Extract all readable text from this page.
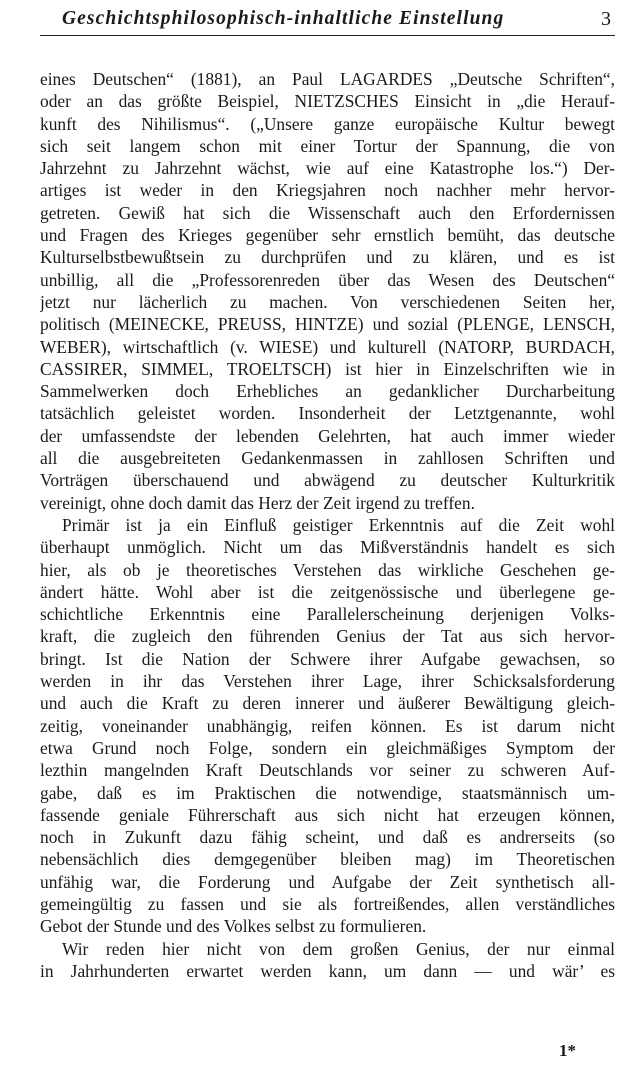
Geschichtsphilosophisch-inhaltliche Einstellung	3
eines Deutschen“ (1881), an Paul LAGARDES „Deutsche Schriften“,
oder an das größte Beispiel, NIETZSCHES Einsicht in „die Herauf-
kunft des Nihilismus“. („Unsere ganze europäische Kultur bewegt
sich seit langem schon mit einer Tortur der Spannung, die von
Jahrzehnt zu Jahrzehnt wächst, wie auf eine Katastrophe los.“) Der-
artiges ist weder in den Kriegsjahren noch nachher mehr hervor-
getreten. Gewiß hat sich die Wissenschaft auch den Erfordernissen
und Fragen des Krieges gegenüber sehr ernstlich bemüht, das deutsche
Kulturselbstbewußtsein zu durchprüfen und zu klären, und es ist
unbillig, all die „Professorenreden über das Wesen des Deutschen“
jetzt nur lächerlich zu machen. Von verschiedenen Seiten her,
politisch (MEINECKE, PREUSS, HINTZE) und sozial (PLENGE, LENSCH,
WEBER), wirtschaftlich (v. WIESE) und kulturell (NATORP, BURDACH,
CASSIRER, SIMMEL, TROELTSCH) ist hier in Einzelschriften wie in
Sammelwerken doch Erhebliches an gedanklicher Durcharbeitung
tatsächlich geleistet worden. Insonderheit der Letztgenannte, wohl
der umfassendste der lebenden Gelehrten, hat auch immer wieder
all die ausgebreiteten Gedankenmassen in zahllosen Schriften und
Vorträgen überschauend und abwägend zu deutscher Kulturkritik
vereinigt, ohne doch damit das Herz der Zeit irgend zu treffen.
Primär ist ja ein Einfluß geistiger Erkenntnis auf die Zeit wohl
überhaupt unmöglich. Nicht um das Mißverständnis handelt es sich
hier, als ob je theoretisches Verstehen das wirkliche Geschehen ge-
ändert hätte. Wohl aber ist die zeitgenössische und überlegene ge-
schichtliche Erkenntnis eine Parallelerscheinung derjenigen Volks-
kraft, die zugleich den führenden Genius der Tat aus sich hervor-
bringt. Ist die Nation der Schwere ihrer Aufgabe gewachsen, so
werden in ihr das Verstehen ihrer Lage, ihrer Schicksalsforderung
und auch die Kraft zu deren innerer und äußerer Bewältigung gleich-
zeitig, voneinander unabhängig, reifen können. Es ist darum nicht
etwa Grund noch Folge, sondern ein gleichmäßiges Symptom der
lezthin mangelnden Kraft Deutschlands vor seiner zu schweren Auf-
gabe, daß es im Praktischen die notwendige, staatsmännisch um-
fassende geniale Führerschaft aus sich nicht hat erzeugen können,
noch in Zukunft dazu fähig scheint, und daß es andrerseits (so
nebensächlich dies demgegenüber bleiben mag) im Theoretischen
unfähig war, die Forderung und Aufgabe der Zeit synthetisch all-
gemeingültig zu fassen und sie als fortreißendes, allen verständliches
Gebot der Stunde und des Volkes selbst zu formulieren.
Wir reden hier nicht von dem großen Genius, der nur einmal
in Jahrhunderten erwartet werden kann, um dann — und wär’ es
1*
